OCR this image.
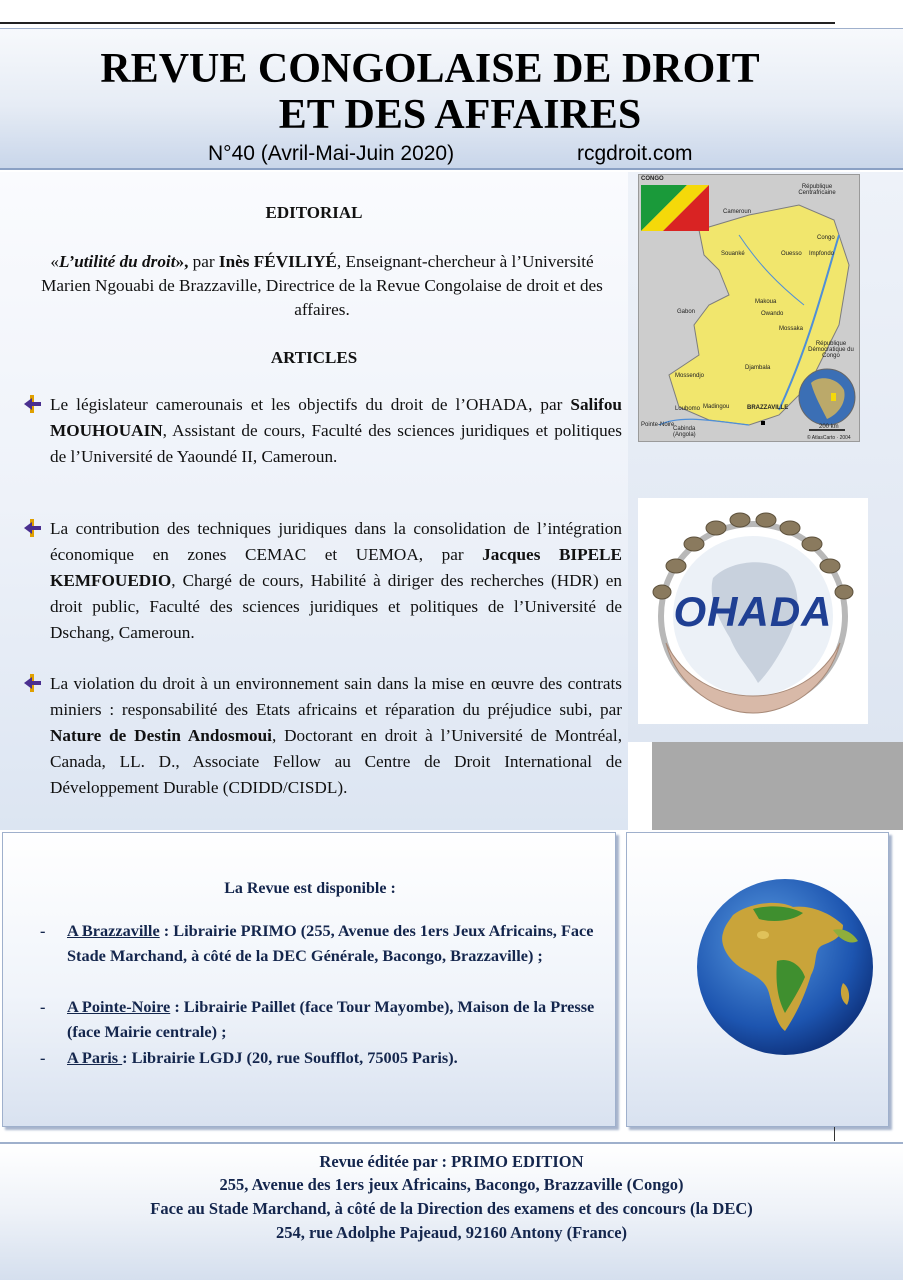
REVUE CONGOLAISE DE DROIT
ET DES AFFAIRES
N°40 (Avril-Mai-Juin 2020)	rcgdroit.com
EDITORIAL
«L’utilité du droit», par Inès FÉVILIYÉ, Enseignant-chercheur à l’Université Marien Ngouabi de Brazzaville, Directrice de la Revue Congolaise de droit et des affaires.
ARTICLES
Le législateur camerounais et les objectifs du droit de l’OHADA, par Salifou MOUHOUAIN, Assistant de cours, Faculté des sciences juridiques et politiques de l’Université de Yaoundé II, Cameroun.
La contribution des techniques juridiques dans la consolidation de l’intégration économique en zones CEMAC et UEMOA, par Jacques BIPELE KEMFOUEDIO, Chargé de cours, Habilité à diriger des recherches (HDR) en droit public, Faculté des sciences juridiques et politiques de l’Université de Dschang, Cameroun.
La violation du droit à un environnement sain dans la mise en œuvre des contrats miniers : responsabilité des Etats africains et réparation du préjudice subi, par Nature de Destin Andosmoui, Doctorant en droit à l’Université de Montréal, Canada, LL. D., Associate Fellow au Centre de Droit International de Développement Durable (CDIDD/CISDL).
CONGO
République Centrafricaine
Cameroun
Gabon
République Démocratique du Congo
Congo
Souanké	Ouesso Impfondo
Makoua
Owando
Mossaka
Djambala
Mossendjo
Loubomo Madingou	BRAZZAVILLE
Pointe-Noire
Cabinda (Angola)
200 km
© AtlasCarto · 2004
OHADA
La Revue est disponible :
- A Brazzaville : Librairie PRIMO (255, Avenue des 1ers Jeux Africains, Face Stade Marchand, à côté de la DEC Générale, Bacongo, Brazzaville) ;
- A Pointe-Noire : Librairie Paillet (face Tour Mayombe), Maison de la Presse (face Mairie centrale) ;
- A Paris : Librairie LGDJ (20, rue Soufflot, 75005 Paris).
Revue éditée par : PRIMO EDITION
255, Avenue des 1ers jeux Africains, Bacongo, Brazzaville (Congo)
Face au Stade Marchand, à côté de la Direction des examens et des concours (la DEC)
254, rue Adolphe Pajeaud, 92160 Antony (France)
